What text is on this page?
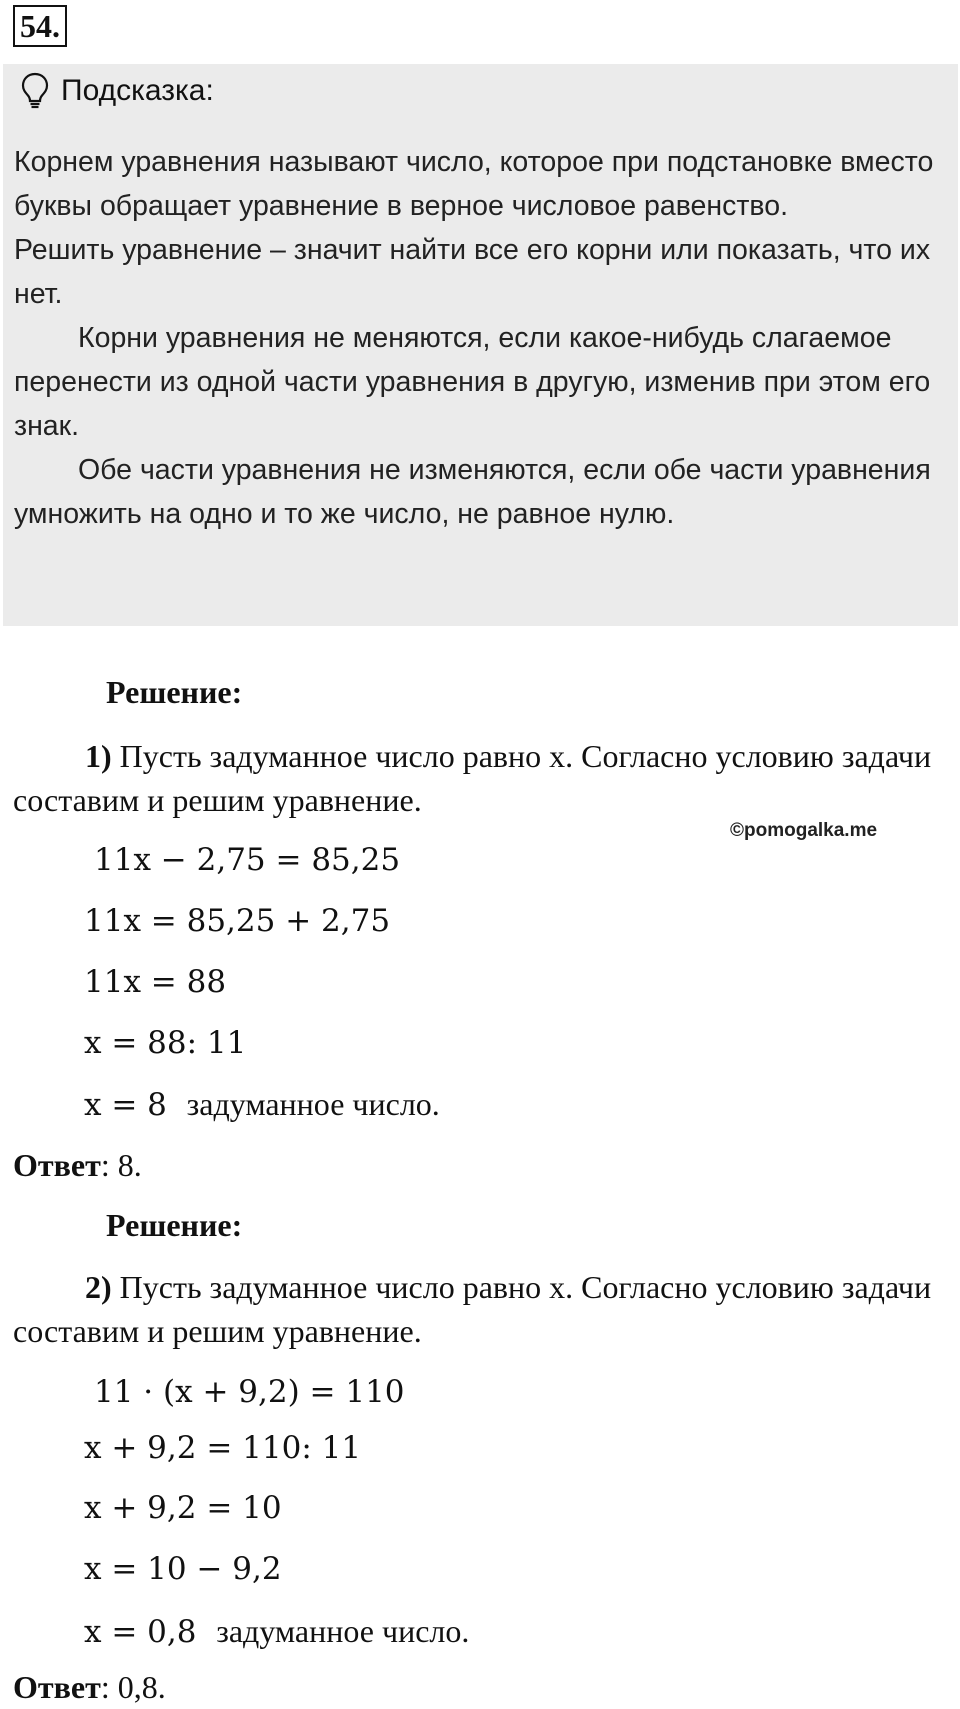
54.
Подсказка:

Корнем уравнения называют число, которое при подстановке вместо буквы обращает уравнение в верное числовое равенство.

Решить уравнение – значит найти все его корни или показать, что их нет.

Корни уравнения не меняются, если какое-нибудь слагаемое перенести из одной части уравнения в другую, изменив при этом его знак.

Обе части уравнения не изменяются, если обе части уравнения умножить на одно и то же число, не равное нулю.

Решение:

1) Пусть задуманное число равно x. Согласно условию задачи составим и решим уравнение.

11x − 2,75 = 85,25
11x = 85,25 + 2,75
11x = 88
x = 88: 11
x = 8 задуманное число.
Ответ: 8.
©pomogalka.me
Решение:

2) Пусть задуманное число равно x. Согласно условию задачи составим и решим уравнение.

11 · (x + 9,2) = 110
x + 9,2 = 110: 11
x + 9,2 = 10
x = 10 − 9,2
x = 0,8 задуманное число.
Ответ: 0,8.
